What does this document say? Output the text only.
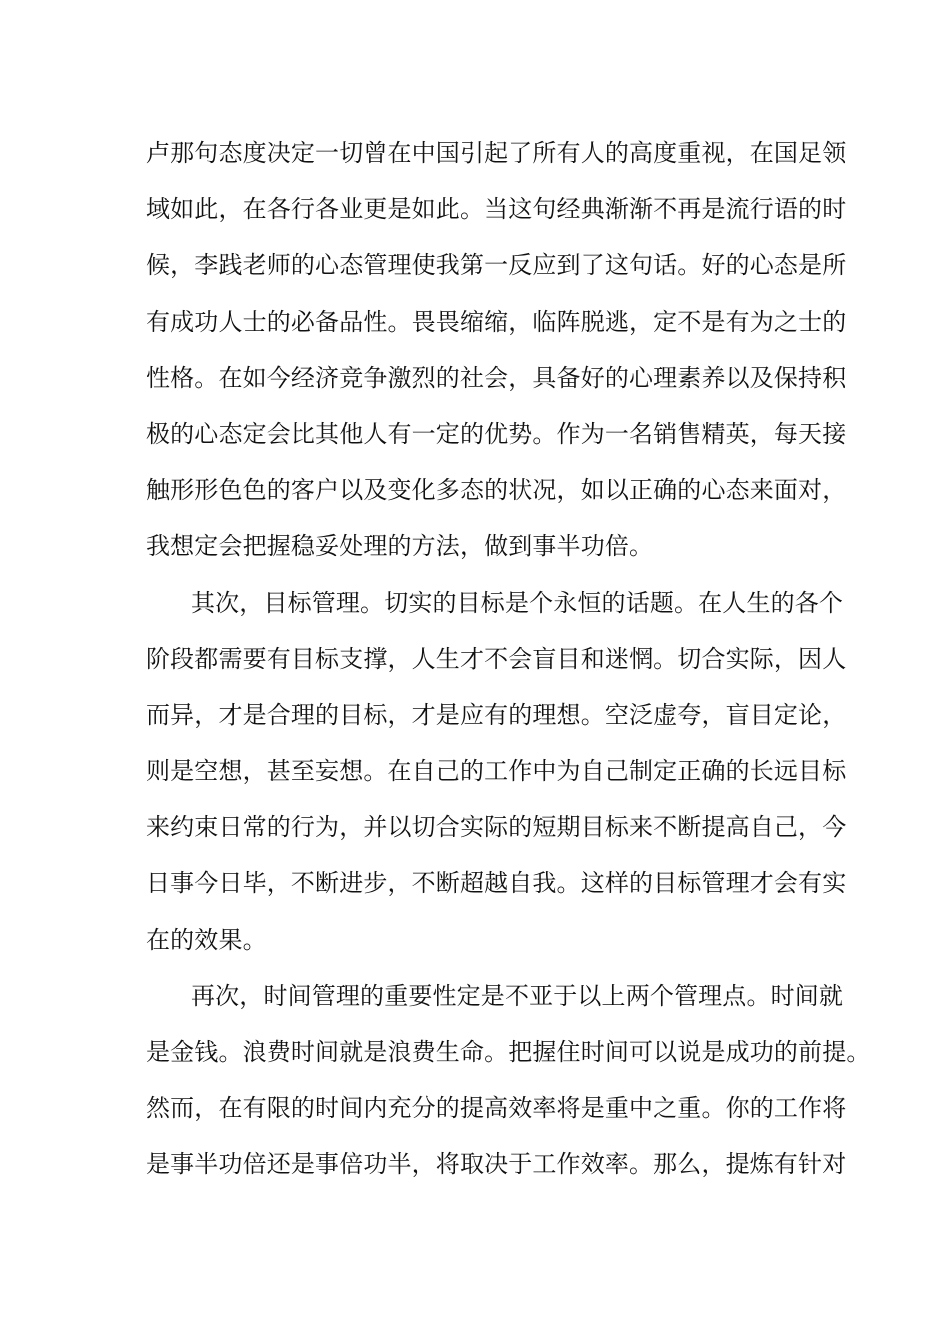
卢那句态度决定一切曾在中国引起了所有人的高度重视，在国足领
域如此，在各行各业更是如此。当这句经典渐渐不再是流行语的时
候，李践老师的心态管理使我第一反应到了这句话。好的心态是所
有成功人士的必备品性。畏畏缩缩，临阵脱逃，定不是有为之士的
性格。在如今经济竞争激烈的社会，具备好的心理素养以及保持积
极的心态定会比其他人有一定的优势。作为一名销售精英，每天接
触形形色色的客户以及变化多态的状况，如以正确的心态来面对，
我想定会把握稳妥处理的方法，做到事半功倍。
其次，目标管理。切实的目标是个永恒的话题。在人生的各个
阶段都需要有目标支撑，人生才不会盲目和迷惘。切合实际，因人
而异，才是合理的目标，才是应有的理想。空泛虚夸，盲目定论，
则是空想，甚至妄想。在自己的工作中为自己制定正确的长远目标
来约束日常的行为，并以切合实际的短期目标来不断提高自己，今
日事今日毕，不断进步，不断超越自我。这样的目标管理才会有实
在的效果。
再次，时间管理的重要性定是不亚于以上两个管理点。时间就
是金钱。浪费时间就是浪费生命。把握住时间可以说是成功的前提。
然而，在有限的时间内充分的提高效率将是重中之重。你的工作将
是事半功倍还是事倍功半，将取决于工作效率。那么，提炼有针对
